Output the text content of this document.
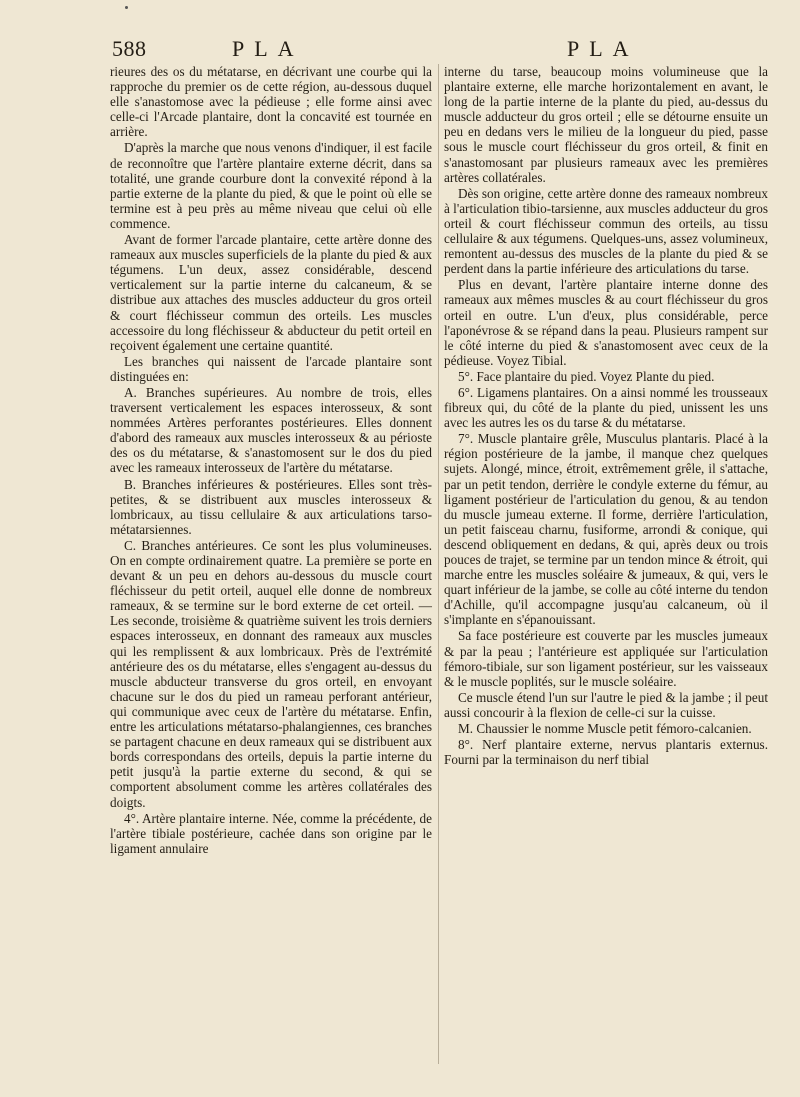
588	PLA	PLA

rieures des os du métatarse, en décrivant une courbe qui la rapproche du premier os de cette région, au-dessous duquel elle s'anastomose avec la pédieuse ; elle forme ainsi avec celle-ci l'Arcade plantaire, dont la concavité est tournée en arrière.

D'après la marche que nous venons d'indiquer, il est facile de reconnoître que l'artère plantaire externe décrit, dans sa totalité, une grande courbure dont la convexité répond à la partie externe de la plante du pied, & que le point où elle se termine est à peu près au même niveau que celui où elle commence.

Avant de former l'arcade plantaire, cette artère donne des rameaux aux muscles superficiels de la plante du pied & aux tégumens. L'un deux, assez considérable, descend verticalement sur la partie interne du calcaneum, & se distribue aux attaches des muscles adducteur du gros orteil & court fléchisseur commun des orteils. Les muscles accessoire du long fléchisseur & abducteur du petit orteil en reçoivent également une certaine quantité.

Les branches qui naissent de l'arcade plantaire sont distinguées en:

A. Branches supérieures. Au nombre de trois, elles traversent verticalement les espaces interosseux, & sont nommées Artères perforantes postérieures. Elles donnent d'abord des rameaux aux muscles interosseux & au périoste des os du métatarse, & s'anastomosent sur le dos du pied avec les rameaux interosseux de l'artère du métatarse.

B. Branches inférieures & postérieures. Elles sont très-petites, & se distribuent aux muscles interosseux & lombricaux, au tissu cellulaire & aux articulations tarso-métatarsiennes.

C. Branches antérieures. Ce sont les plus volumineuses. On en compte ordinairement quatre. La première se porte en devant & un peu en dehors au-dessous du muscle court fléchisseur du petit orteil, auquel elle donne de nombreux rameaux, & se termine sur le bord externe de cet orteil. —Les seconde, troisième & quatrième suivent les trois derniers espaces interosseux, en donnant des rameaux aux muscles qui les remplissent & aux lombricaux. Près de l'extrémité antérieure des os du métatarse, elles s'engagent au-dessus du muscle abducteur transverse du gros orteil, en envoyant chacune sur le dos du pied un rameau perforant antérieur, qui communique avec ceux de l'artère du métatarse. Enfin, entre les articulations métatarso-phalangiennes, ces branches se partagent chacune en deux rameaux qui se distribuent aux bords correspondans des orteils, depuis la partie interne du petit jusqu'à la partie externe du second, & qui se comportent absolument comme les artères collatérales des doigts.

4°. Artère plantaire interne. Née, comme la précédente, de l'artère tibiale postérieure, cachée dans son origine par le ligament annulaire

interne du tarse, beaucoup moins volumineuse que la plantaire externe, elle marche horizontalement en avant, le long de la partie interne de la plante du pied, au-dessus du muscle adducteur du gros orteil ; elle se détourne ensuite un peu en dedans vers le milieu de la longueur du pied, passe sous le muscle court fléchisseur du gros orteil, & finit en s'anastomosant par plusieurs rameaux avec les premières artères collatérales.

Dès son origine, cette artère donne des rameaux nombreux à l'articulation tibio-tarsienne, aux muscles adducteur du gros orteil & court fléchisseur commun des orteils, au tissu cellulaire & aux tégumens. Quelques-uns, assez volumineux, remontent au-dessus des muscles de la plante du pied & se perdent dans la partie inférieure des articulations du tarse.

Plus en devant, l'artère plantaire interne donne des rameaux aux mêmes muscles & au court fléchisseur du gros orteil en outre. L'un d'eux, plus considérable, perce l'aponévrose & se répand dans la peau. Plusieurs rampent sur le côté interne du pied & s'anastomosent avec ceux de la pédieuse. Voyez Tibial.

5°. Face plantaire du pied. Voyez Plante du pied.

6°. Ligamens plantaires. On a ainsi nommé les trousseaux fibreux qui, du côté de la plante du pied, unissent les uns avec les autres les os du tarse & du métatarse.

7°. Muscle plantaire grêle, Musculus plantaris. Placé à la région postérieure de la jambe, il manque chez quelques sujets. Alongé, mince, étroit, extrêmement grêle, il s'attache, par un petit tendon, derrière le condyle externe du fémur, au ligament postérieur de l'articulation du genou, & au tendon du muscle jumeau externe. Il forme, derrière l'articulation, un petit faisceau charnu, fusiforme, arrondi & conique, qui descend obliquement en dedans, & qui, après deux ou trois pouces de trajet, se termine par un tendon mince & étroit, qui marche entre les muscles soléaire & jumeaux, & qui, vers le quart inférieur de la jambe, se colle au côté interne du tendon d'Achille, qu'il accompagne jusqu'au calcaneum, où il s'implante en s'épanouissant.

Sa face postérieure est couverte par les muscles jumeaux & par la peau ; l'antérieure est appliquée sur l'articulation fémoro-tibiale, sur son ligament postérieur, sur les vaisseaux & le muscle poplités, sur le muscle soléaire.

Ce muscle étend l'un sur l'autre le pied & la jambe ; il peut aussi concourir à la flexion de celle-ci sur la cuisse.

M. Chaussier le nomme Muscle petit fémoro-calcanien.

8°. Nerf plantaire externe, nervus plantaris externus. Fourni par la terminaison du nerf tibial
